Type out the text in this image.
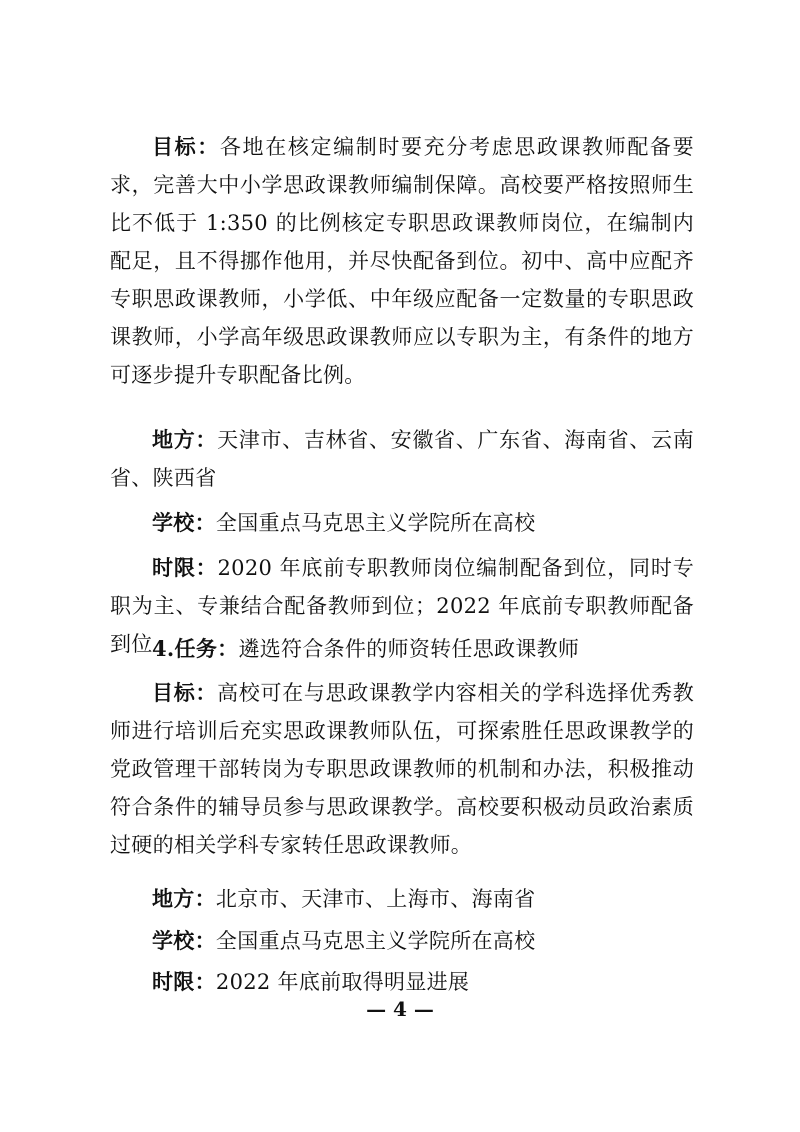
目标：各地在核定编制时要充分考虑思政课教师配备要求，完善大中小学思政课教师编制保障。高校要严格按照师生比不低于 1:350 的比例核定专职思政课教师岗位，在编制内配足，且不得挪作他用，并尽快配备到位。初中、高中应配齐专职思政课教师，小学低、中年级应配备一定数量的专职思政课教师，小学高年级思政课教师应以专职为主，有条件的地方可逐步提升专职配备比例。

地方：天津市、吉林省、安徽省、广东省、海南省、云南省、陕西省

学校：全国重点马克思主义学院所在高校

时限：2020 年底前专职教师岗位编制配备到位，同时专职为主、专兼结合配备教师到位；2022 年底前专职教师配备到位 4.任务：遴选符合条件的师资转任思政课教师

目标：高校可在与思政课教学内容相关的学科选择优秀教师进行培训后充实思政课教师队伍，可探索胜任思政课教学的党政管理干部转岗为专职思政课教师的机制和办法，积极推动符合条件的辅导员参与思政课教学。高校要积极动员政治素质过硬的相关学科专家转任思政课教师。

地方：北京市、天津市、上海市、海南省

学校：全国重点马克思主义学院所在高校

时限：2022 年底前取得明显进展

— 4 —
